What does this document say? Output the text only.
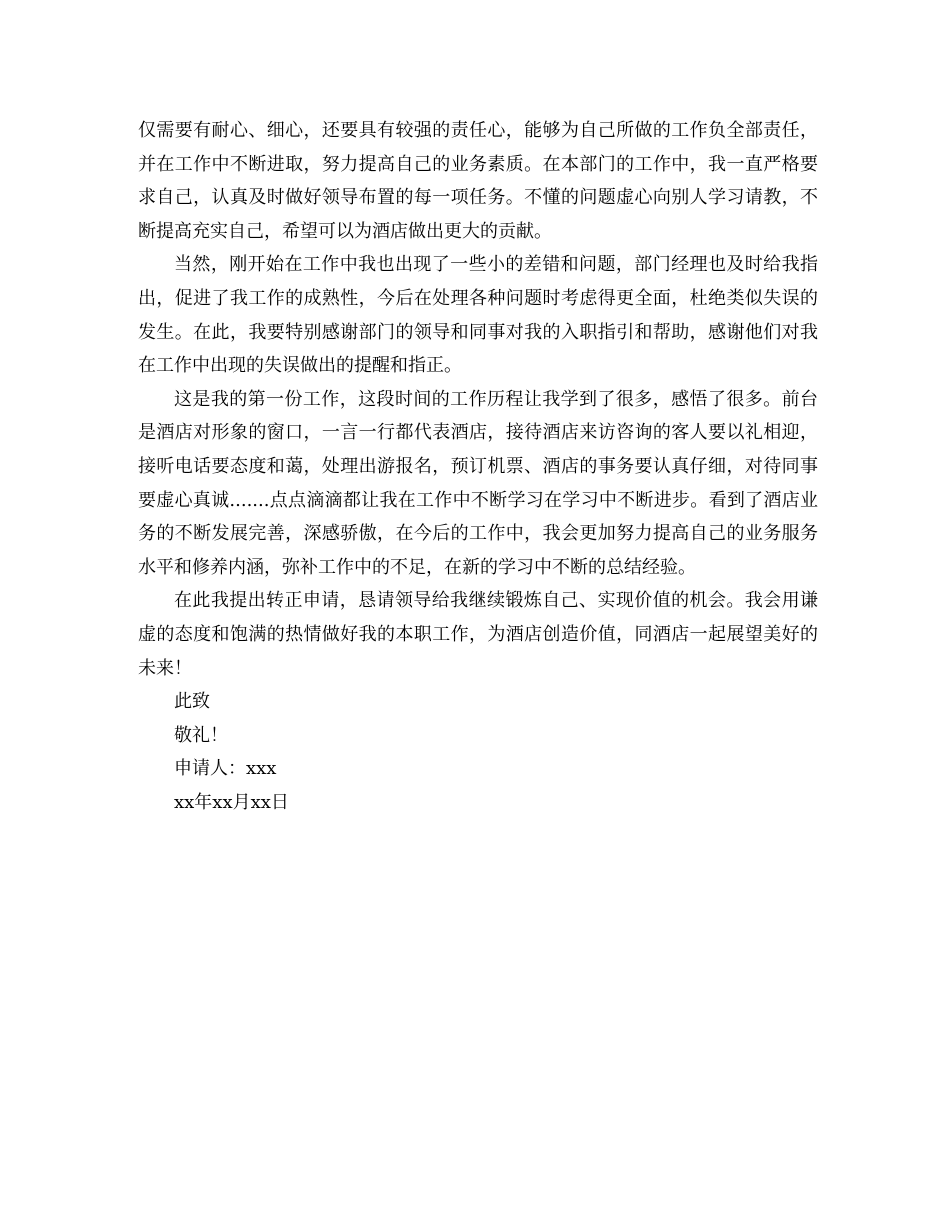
仅需要有耐心、细心，还要具有较强的责任心，能够为自己所做的工作负全部责任，并在工作中不断进取，努力提高自己的业务素质。在本部门的工作中，我一直严格要求自己，认真及时做好领导布置的每一项任务。不懂的问题虚心向别人学习请教，不断提高充实自己，希望可以为酒店做出更大的贡献。

当然，刚开始在工作中我也出现了一些小的差错和问题，部门经理也及时给我指出，促进了我工作的成熟性，今后在处理各种问题时考虑得更全面，杜绝类似失误的发生。在此，我要特别感谢部门的领导和同事对我的入职指引和帮助，感谢他们对我在工作中出现的失误做出的提醒和指正。

这是我的第一份工作，这段时间的工作历程让我学到了很多，感悟了很多。前台是酒店对形象的窗口，一言一行都代表酒店，接待酒店来访咨询的客人要以礼相迎，接听电话要态度和蔼，处理出游报名，预订机票、酒店的事务要认真仔细，对待同事要虚心真诚.......点点滴滴都让我在工作中不断学习在学习中不断进步。看到了酒店业务的不断发展完善，深感骄傲，在今后的工作中，我会更加努力提高自己的业务服务水平和修养内涵，弥补工作中的不足，在新的学习中不断的总结经验。

在此我提出转正申请，恳请领导给我继续锻炼自己、实现价值的机会。我会用谦虚的态度和饱满的热情做好我的本职工作，为酒店创造价值，同酒店一起展望美好的未来！

此致

敬礼！

申请人：xxx

xx年xx月xx日
